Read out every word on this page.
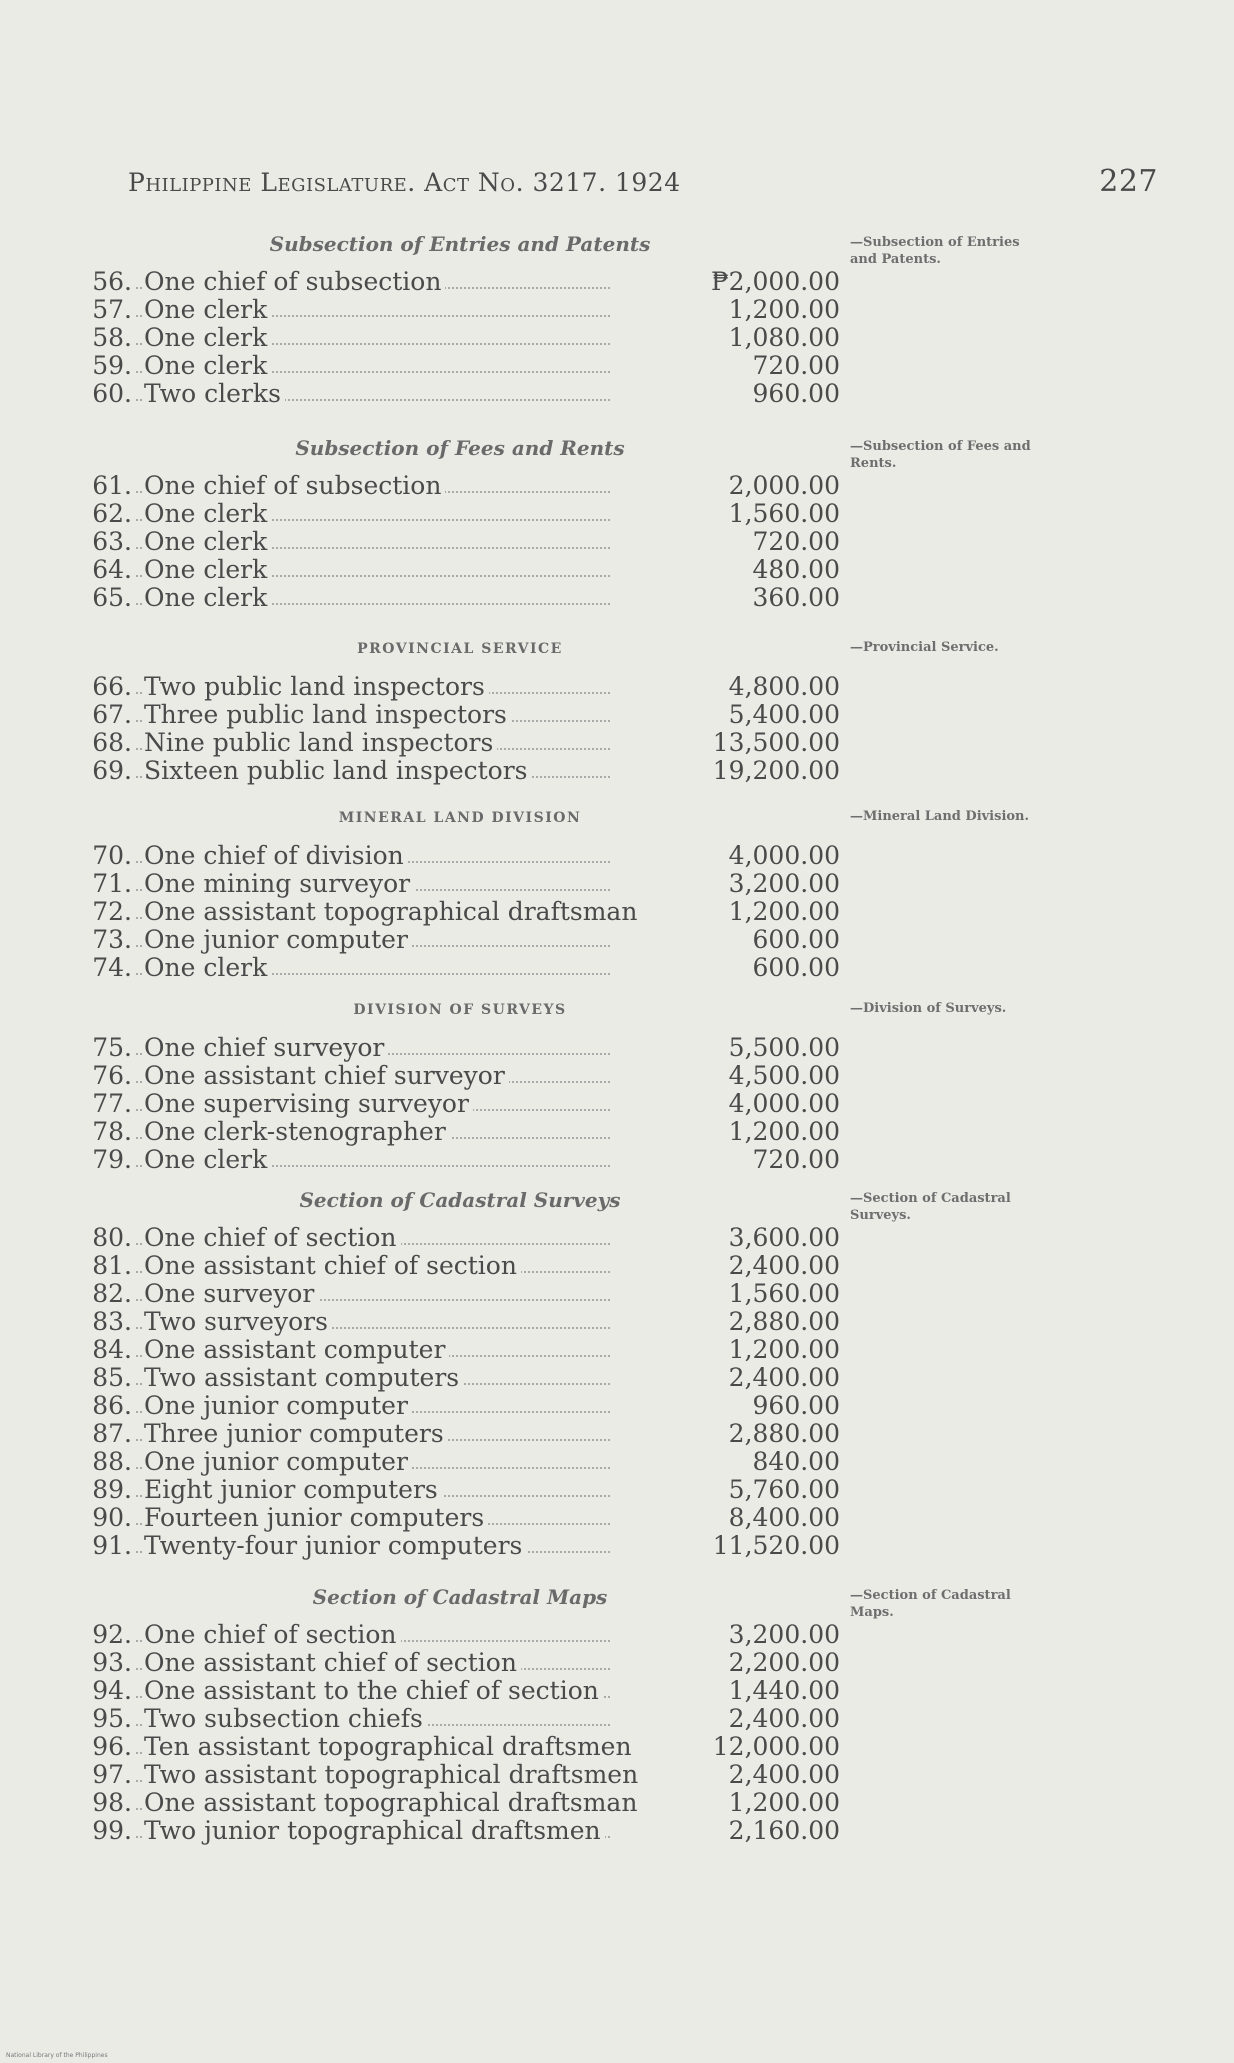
Philippine Legislature. Act No. 3217. 1924	227
Subsection of Entries and Patents	—Subsection of Entries and Patents.
56. One chief of subsection	₱2,000.00
57. One clerk	1,200.00
58. One clerk	1,080.00
59. One clerk	720.00
60. Two clerks	960.00
Subsection of Fees and Rents	—Subsection of Fees and Rents.
61. One chief of subsection	2,000.00
62. One clerk	1,560.00
63. One clerk	720.00
64. One clerk	480.00
65. One clerk	360.00
PROVINCIAL SERVICE	—Provincial Service.
66. Two public land inspectors	4,800.00
67. Three public land inspectors	5,400.00
68. Nine public land inspectors	13,500.00
69. Sixteen public land inspectors	19,200.00
MINERAL LAND DIVISION	—Mineral Land Division.
70. One chief of division	4,000.00
71. One mining surveyor	3,200.00
72. One assistant topographical draftsman	1,200.00
73. One junior computer	600.00
74. One clerk	600.00
DIVISION OF SURVEYS	—Division of Surveys.
75. One chief surveyor	5,500.00
76. One assistant chief surveyor	4,500.00
77. One supervising surveyor	4,000.00
78. One clerk-stenographer	1,200.00
79. One clerk	720.00
Section of Cadastral Surveys	—Section of Cadastral Surveys.
80. One chief of section	3,600.00
81. One assistant chief of section	2,400.00
82. One surveyor	1,560.00
83. Two surveyors	2,880.00
84. One assistant computer	1,200.00
85. Two assistant computers	2,400.00
86. One junior computer	960.00
87. Three junior computers	2,880.00
88. One junior computer	840.00
89. Eight junior computers	5,760.00
90. Fourteen junior computers	8,400.00
91. Twenty-four junior computers	11,520.00
Section of Cadastral Maps	—Section of Cadastral Maps.
92. One chief of section	3,200.00
93. One assistant chief of section	2,200.00
94. One assistant to the chief of section	1,440.00
95. Two subsection chiefs	2,400.00
96. Ten assistant topographical draftsmen	12,000.00
97. Two assistant topographical draftsmen	2,400.00
98. One assistant topographical draftsman	1,200.00
99. Two junior topographical draftsmen	2,160.00
National Library of the Philippines
